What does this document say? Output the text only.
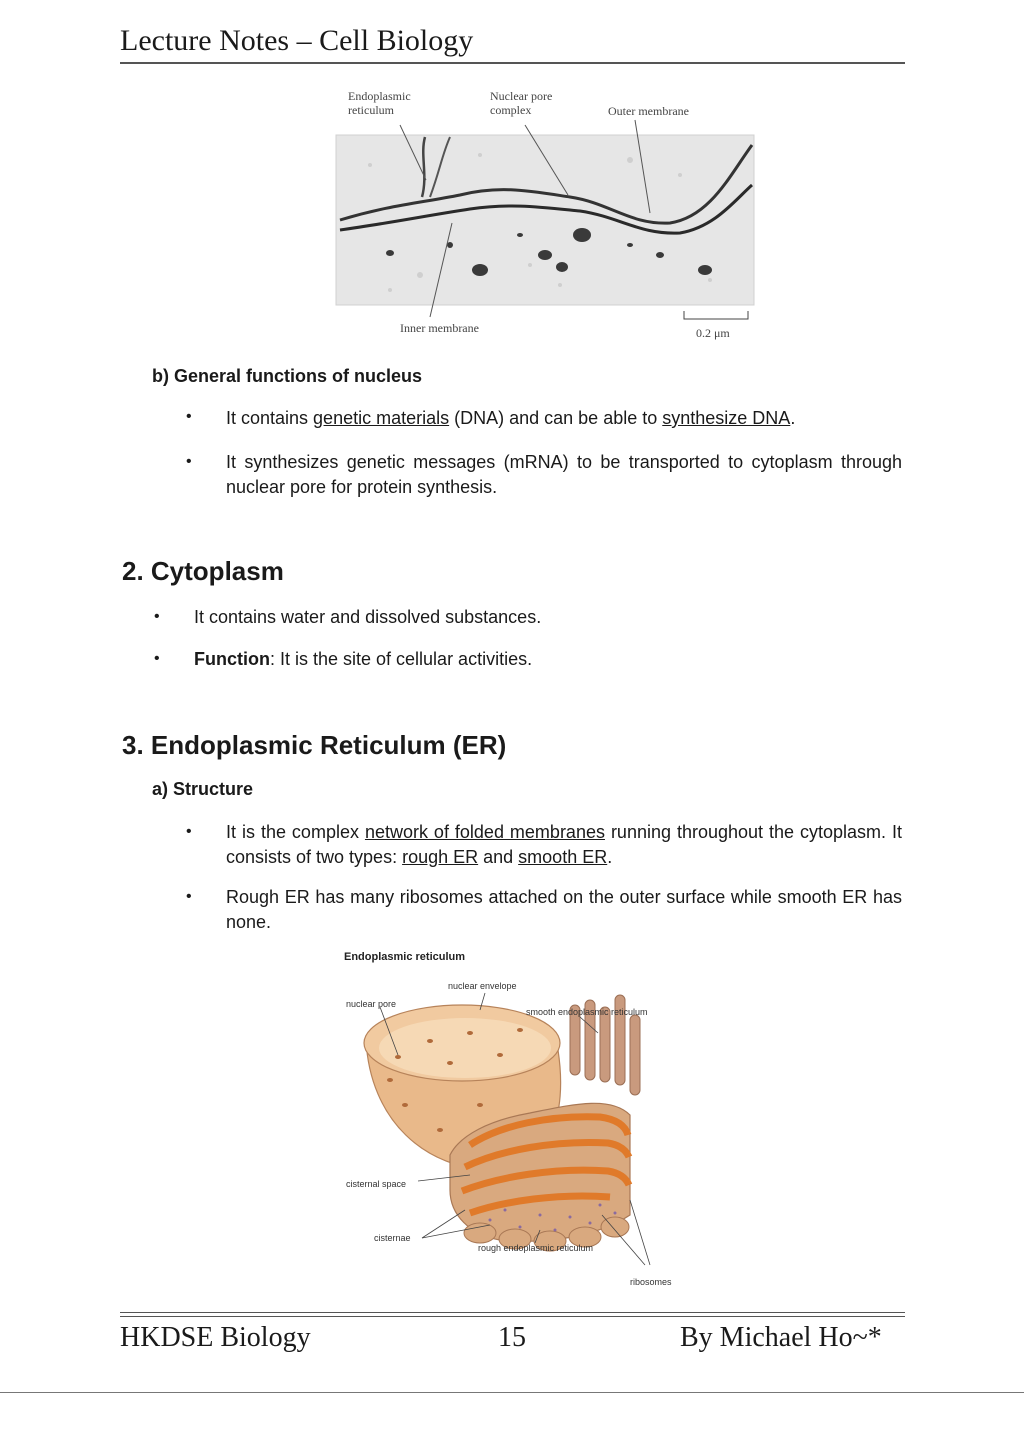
Lecture Notes – Cell Biology
Endoplasmic
reticulum
Nuclear pore
complex	Outer membrane
Inner membrane	0.2 μm
b) General functions of nucleus
• It contains genetic materials (DNA) and can be able to synthesize DNA.
• It synthesizes genetic messages (mRNA) to be transported to cytoplasm through nuclear pore for protein synthesis.
2. Cytoplasm
• It contains water and dissolved substances.
• Function: It is the site of cellular activities.
3. Endoplasmic Reticulum (ER)
a) Structure
• It is the complex network of folded membranes running throughout the cytoplasm. It consists of two types: rough ER and smooth ER.
• Rough ER has many ribosomes attached on the outer surface while smooth ER has none.
Endoplasmic reticulum
nuclear envelope
nuclear pore
smooth endoplasmic reticulum
cisternal space
cisternae
rough endoplasmic reticulum
ribosomes
HKDSE Biology	15	By Michael Ho~*
